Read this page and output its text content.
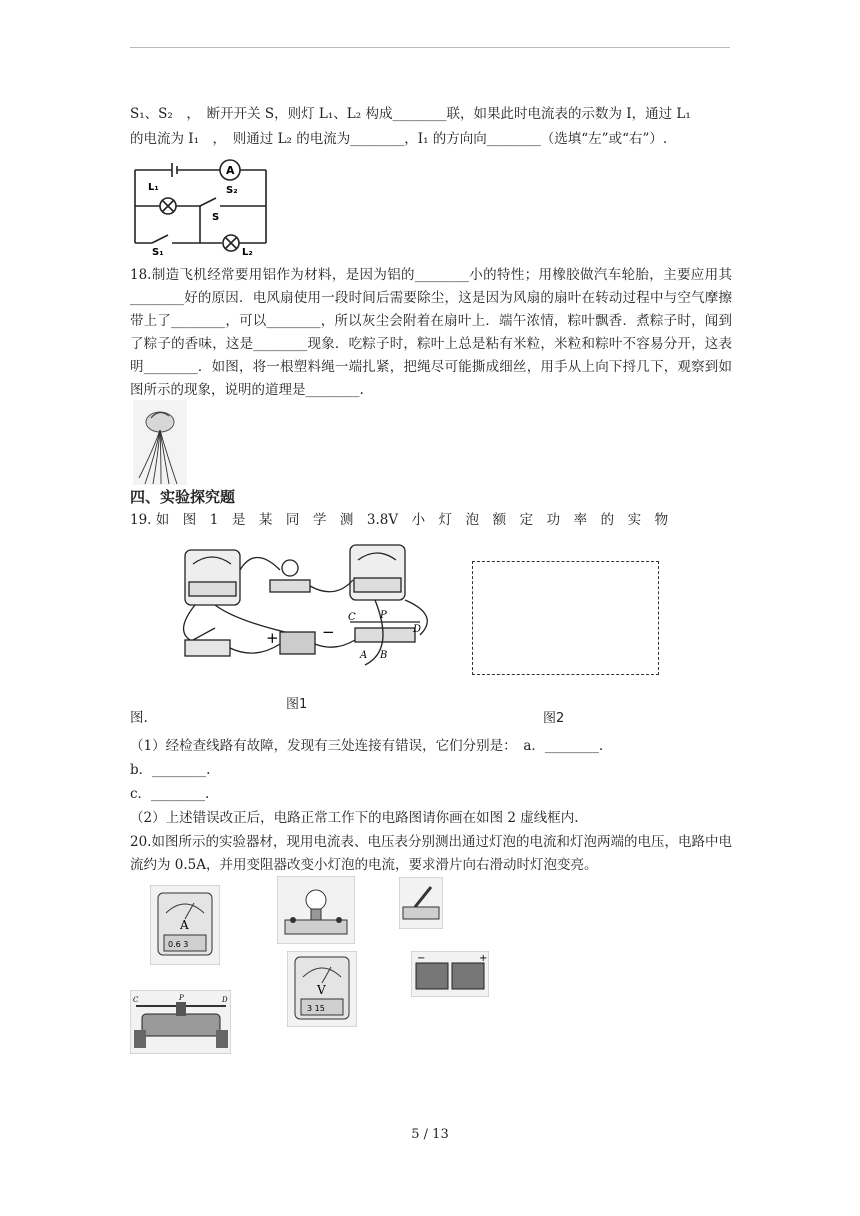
S₁、S₂　，　断开开关 S，则灯 L₁、L₂ 构成________联，如果此时电流表的示数为 I，通过 L₁
的电流为 I₁　，　则通过 L₂ 的电流为________，I₁ 的方向向________（选填“左”或“右”）.
A
L₁	S₂
S
S₁	L₂
18.制造飞机经常要用铝作为材料，是因为铝的________小的特性；用橡胶做汽车轮胎，主要应用其________好的原因．电风扇使用一段时间后需要除尘，这是因为风扇的扇叶在转动过程中与空气摩擦带上了________，可以________，所以灰尘会附着在扇叶上．端午浓情，粽叶飘香．煮粽子时，闻到了粽子的香味，这是________现象．吃粽子时，粽叶上总是粘有米粒，米粒和粽叶不容易分开，这表明________．如图，将一根塑料绳一端扎紧，把绳尽可能撕成细丝，用手从上向下捋几下，观察到如图所示的现象，说明的道理是________.
四、实验探究题
19. 如　图　1　是　某　同　学　测　3.8V　小　灯　泡　额　定　功　率　的　实　物
+	−
C P
D
A B
图1
图2
图.
（1）经检查线路有故障，发现有三处连接有错误，它们分别是：　a．________.
b．________.
c．________.
（2）上述错误改正后，电路正常工作下的电路图请你画在如图 2 虚线框内.
20.如图所示的实验器材，现用电流表、电压表分别测出通过灯泡的电流和灯泡两端的电压，电路中电流约为 0.5A，并用变阻器改变小灯泡的电流，要求滑片向右滑动时灯泡变亮。
A
0.6 3
V
3 15
−	+
C	P	D
5 / 13
